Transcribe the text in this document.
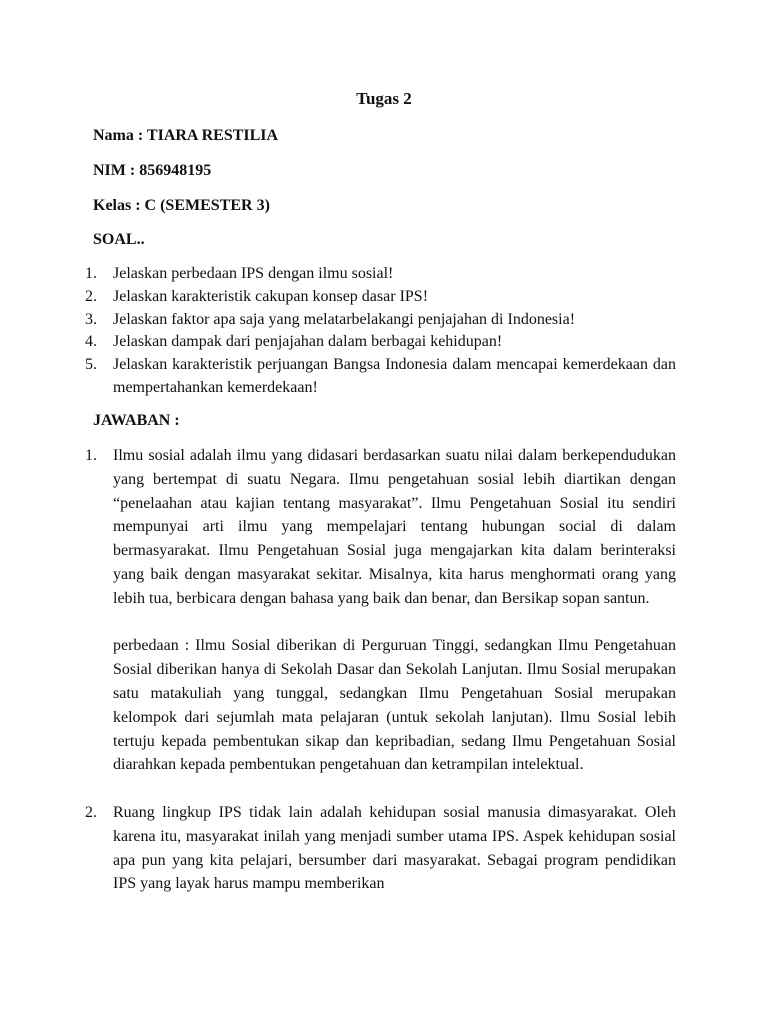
Tugas 2
Nama : TIARA RESTILIA
NIM : 856948195
Kelas : C (SEMESTER 3)
SOAL..
1. Jelaskan perbedaan IPS dengan ilmu sosial!
2. Jelaskan karakteristik cakupan konsep dasar IPS!
3. Jelaskan faktor apa saja yang melatarbelakangi penjajahan di Indonesia!
4. Jelaskan dampak dari penjajahan dalam berbagai kehidupan!
5. Jelaskan karakteristik perjuangan Bangsa Indonesia dalam mencapai kemerdekaan dan mempertahankan kemerdekaan!
JAWABAN :
1. Ilmu sosial adalah ilmu yang didasari berdasarkan suatu nilai dalam berkependudukan yang bertempat di suatu Negara. Ilmu pengetahuan sosial lebih diartikan dengan “penelaahan atau kajian tentang masyarakat”. Ilmu Pengetahuan Sosial itu sendiri mempunyai arti ilmu yang mempelajari tentang hubungan social di dalam bermasyarakat. Ilmu Pengetahuan Sosial juga mengajarkan kita dalam berinteraksi yang baik dengan masyarakat sekitar. Misalnya, kita harus menghormati orang yang lebih tua, berbicara dengan bahasa yang baik dan benar, dan Bersikap sopan santun.

perbedaan : Ilmu Sosial diberikan di Perguruan Tinggi, sedangkan Ilmu Pengetahuan Sosial diberikan hanya di Sekolah Dasar dan Sekolah Lanjutan. Ilmu Sosial merupakan satu matakuliah yang tunggal, sedangkan Ilmu Pengetahuan Sosial merupakan kelompok dari sejumlah mata pelajaran (untuk sekolah lanjutan). Ilmu Sosial lebih tertuju kepada pembentukan sikap dan kepribadian, sedang Ilmu Pengetahuan Sosial diarahkan kepada pembentukan pengetahuan dan ketrampilan intelektual.

2. Ruang lingkup IPS tidak lain adalah kehidupan sosial manusia dimasyarakat. Oleh karena itu, masyarakat inilah yang menjadi sumber utama IPS. Aspek kehidupan sosial apa pun yang kita pelajari, bersumber dari masyarakat. Sebagai program pendidikan IPS yang layak harus mampu memberikan
